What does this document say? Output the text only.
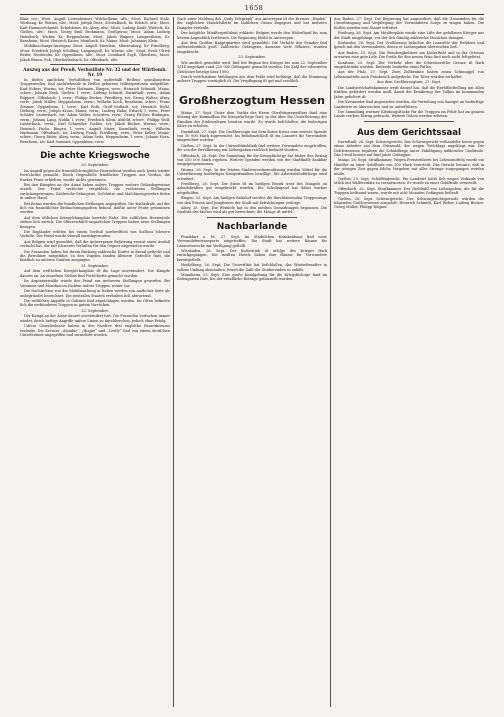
1658

Blau, cro.; Woot. Auguſt Löwenheimer, Wiſchelheim, uſw.; Moot. Richard Stolz, Worbung, Kr. Worms, uſw.; Moot. Joſeph Dietz, Schwalbach, Kr. Erbach, uſw.; Moot. Karl Hammerſchmidt, Eckelsheim, Kr. Alzey, uſw.; Moot. Ludwig Kraft, Wieſeck, Kr. Gießen, uſw.; Moot. Georg Emil Beckmann, Großgerau; Moot. Adam Ludwig Heimbach, Wicker, Kr. Heppenheim; Moot. Jakob Wagner, Lampertheim, Kr. Bensheim; Moot. Heinrich Kauer, Mombach, Kr. Mainz; Moot. Johannes Klein.

Mobilmachungs-Anzeigen: Moot. Auguſt Moerlein, Münzenberg, Kr. Friedberg; Moot. Friedrich Joſeph Schilling, Langengeiß, Kr. Worms, uſw.; Moot. Ernſt Ulrich Reder, Niederolm, Kr. Oppenheim, uſw.; Moot. Leonhard Zeyß, Oberſtreu; Moot. Jakob Braun, Eck, Oberhaſtenbach; Kr. Offenbach, uſw.

Auszug aus der Preuß. Verlustliste Nr. 32 und der Württemb. Nr. 19

In dieſen amtlichen Verluſtliſten von außerhalb Heſſens garniſonierten Truppenteilen, ſind nachſtehende in Heſſen geborene Militärperſonen aufgeführt: Karl Eckert, Worms, tot; Peter Hofmann, Bingen, verw.; Heinrich Schmidt, Mainz, schwv.; Johann Neeb, Gießen, l. verw.; Ludwig Schmitt, Darmſtadt, verm.; Adam Ruppert, Offenbach, l. verw.; Philipp Becker, Friedberg, tot; Georg Walter, Alzey, verw.; Jakob Müller, Heppenheim, verm.; Wilhelm Koch, Bensheim, schwv.; Franz Zimmer, Oppenheim, l. verw.; Karl Roth, Groß-Umſtadt, tot; Heinrich Diehl, Dieburg, verw.; Joſeph Kraus, Mainz, verm.; Ludwig Hahn, Erbach, l. verw.; Peter Schäfer, Lauterbach, tot; Adam Weber, Schotten, verw.; Georg Fiſcher, Büdingen, verm.; Johann Lang, Nidda, l. verw.; Friedrich Klein, Alsfeld, schwv.; Philipp Wolf, Lauterbach, verm.; Karl Schneider, Gießen, tot; Jakob Becker, Worms, verw.; Heinrich Fuchs, Bingen, l. verw.; Auguſt Maier, Darmſtadt, verm.; Wilhelm Hartmann, Offenbach, tot; Ludwig Frank, Friedberg, verw.; Peter Keller, Mainz, schwv.; Georg Ritter, Alzey, verm.; Adam Seitz, Heppenheim, l. verw.; Johann Horn, Bensheim, tot; Karl Sommer, Oppenheim, verw.

Die achte Kriegswoche
20. September.

Im Angriff gegen die franzöſiſch-engliſche Heeresfront wurden auch heute wieder Fortſchritte gemacht. Durch Gegenſtöße feindlicher Truppen aus Verdun, die ſtarkes Feuer erhielten, wurde nichts gewonnen.

Bei den Kämpfen an der Aisne haben unſere Truppen weitere Geländegewinne erzielt. Der Feind verſuchte vergeblich, die verlorenen Stellungen zurückzugewinnen. Zahlreiche Gefangene, Geſchütze und Maſchinengewehre fielen in unſere Hand.

Bei Reims wurden die feindlichen Stellungen angegriffen. Die Kathedrale, auf der ſich ein franzöſiſcher Beobachtungspoſten befand, mußte unter Feuer genommen werden.

Auf dem öſtlichen Kriegsſchauplatz herrſcht Ruhe. Die ruſſiſchen Heeresteile ziehen ſich zurück. Die öſterreichiſch-ungariſchen Truppen haben neue Stellungen bezogen.

Die Engländer erlitten bei einem Vorſtoß nordweſtlich von Soiſſons ſchwere Verluſte. Der Feind wurde überall zurückgeworfen.

Aus Belgien wird gemeldet, daß die Antwerpener Beſatzung erneut einen Ausfall verſucht hat, der mit ſchweren Verluſten für den Gegner abgewieſen wurde.

Die Franzoſen haben bei ihrem Rückzug zahlreiche Dörfer in Brand geſteckt und die Bewohner mitgeführt. In den Vogeſen fanden kleinere Gefechte ſtatt, die ſämtlich zu unſeren Gunſten ausgingen.

21. September.

Auf dem weſtlichen Kriegsſchauplatz iſt die Lage unverändert. Die Kämpfe dauern an. An einzelnen Stellen ſind Fortſchritte gemacht worden.

Im Argonnerwalde wurde der Feind aus mehreren Stellungen geworfen. Bei Varennes und Montfaucon rückten unſere Truppen weiter vor.

Die Nachrichten von der Mobilmachung in Italien werden von amtlicher Seite als unbegründet bezeichnet. Die neutralen Staaten verhalten ſich abwartend.

Die ruſſiſchen Angriffe in Galizien ſind abgeſchlagen worden. Im Oſten befinden ſich die verbündeten Truppen in gutem Vorrücken.

22. September.

Der Kampf an der Aisne dauert unverändert fort. Die Franzoſen verſuchen immer wieder, durch heftige Angriffe unſere Linien zu durchbrechen, jedoch ohne Erfolg.

Unſere Unterſeeboote haben in der Nordſee drei engliſche Panzerkreuzer verſenkt. Die Kreuzer „Aboukir“, „Hogue“ und „Creſſy“ ſind von einem deutſchen Unterſeeboot angegriffen und vernichtet worden.

Nach einer Meldung des „Daily Telegraph“ aus Antwerpen iſt der Kreuzer „Emden“ der engliſchen Handelsflotte im Indiſchen Ozean begegnet und hat mehrere Dampfer verſenkt.

Der belgiſche Miniſterpräſident erklärte, Belgien werde den Widerſtand bis zum letzten Augenblick fortſetzen. Die Regierung bleibt in Antwerpen.

Aus dem Großen Hauptquartier wird gemeldet: Die Verluſte des Feindes ſind außerordentlich groß. Zahlreiche Gefangene, darunter viele Offiziere, wurden eingebracht.

23. September.

Wie amtlich gemeldet wird, ſind ſeit Beginn des Krieges bis zum 22. September 1914 insgeſamt rund 220 000 Gefangene gemacht worden. Die Zahl der erbeuteten Geſchütze beträgt über 1000.

Durch verſchiedene Meldungen aus dem Felde wird beſtätigt, daß die Stimmung unſerer Truppen vorzüglich iſt. Die Verpflegung iſt gut und reichlich.

Großherzogtum Hessen

Mainz, 27. Sept. Unter dem Vorſitz des Herrn Oberbürgermeiſters fand eine Sitzung der Kommiſſion für Kriegsfürſorge ſtatt, in der über die Unterſtützung der Familien der Einberufenen beraten wurde. Es wurde beſchloſſen, die bisherigen Sätze zu erhöhen.

Darmſtadt, 27. Sept. Die Großherzogin hat dem Roten Kreuz eine weitere Spende von 10 000 Mark zugewendet. Im Reſidenzſchloß iſt ein Lazarett für Verwundete eingerichtet worden.

Gießen, 27. Sept. In der Univerſitätsklinik ſind weitere Verwundete eingetroffen, die von der Bevölkerung mit Liebesgaben reichlich bedacht wurden.

Offenbach, 26. Sept. Die Sammlung für die Kriegsfürſorge hat bisher den Betrag von 250 000 Mark ergeben. Weitere Spenden werden von der Stadtkaſſe dankbar entgegengenommen.

Worms, 26. Sept. In der letzten Stadtverordnetenſitzung wurden Mittel für die Unterſtützung bedürftiger Kriegerfamilien bewilligt. Die Arbeitsloſenfürſorge wird erweitert.

Friedberg, 26. Sept. Die Ernte iſt im hieſigen Bezirk trotz des Mangels an Arbeitskräften gut eingebracht worden. Die Schuljugend hat dabei wacker mitgeholfen.

Bingen, 25. Sept. Am hieſigen Bahnhof werden die durchfahrenden Truppenzüge von den Frauen und Jungfrauen der Stadt mit Erfriſchungen verſorgt.

Alzey, 25. Sept. Die Weinleſe hat in den meiſten Gemarkungen begonnen. Die Qualität des Moſtes wird als gut bezeichnet; die Menge iſt mittel.

Nachbarlande

Frankfurt a. M., 27. Sept. Im Städtiſchen Krankenhaus ſind neue Verwundetentransporte eingetroffen. Die Stadt hat weitere Räume für Lazarettzwecke zur Verfügung geſtellt.

Wiesbaden, 26. Sept. Der Kurbetrieb iſt infolge des Krieges ſtark zurückgegangen. Die meiſten Hotels haben ihre Räume für Verwundete bereitgeſtellt.

Heidelberg, 26. Sept. Die Univerſität hat beſchloſſen, das Winterſemeſter in vollem Umfang abzuhalten, ſoweit die Zahl der Studierenden es zuläßt.

Mannheim, 25. Sept. Eine große Kundgebung für die Kriegsfürſorge fand im Roſengarten ſtatt, bei der erhebliche Beträge geſammelt wurden.

Aus Baden, 27. Sept. Die Regierung hat angeordnet, daß die Gemeinden für die Unterbringung und Verpflegung der Verwundeten Sorge zu tragen haben. Die Koſten werden vom Staate erſtattet.

Freiburg, 26. Sept. Am Münſterplatz wurde eine Liſte der gefallenen Krieger aus der Stadt ausgehängt, vor der ſich ſtändig zahlreiche Menſchen drängen.

Karlsruhe, 26. Sept. Der Großherzog beſuchte die Lazarette der Reſidenz und ſprach mit den Verwundeten, denen er Liebesgaben überreichen ließ.

Aus Baden, 25. Sept. Die Weinbergbeſitzer am Kaiſerſtuhl und in der Ortenau erwarten eine gute Leſe. Die Preiſe für den neuen Wein ſind noch nicht feſtgeſetzt.

Konſtanz, 25. Sept. Der Verkehr über die ſchweizeriſche Grenze iſt ſtark eingeſchränkt worden. Reiſende bedürfen eines Paſſes.

Aus der Pfalz, 27. Sept. Zwei Zollbeamte haben einen Schmuggel von Lebensmitteln nach Frankreich aufgedeckt. Die Täter wurden verhaftet.

Aus dem Großherzogtum, 27. Sept.

Die Landwirtſchaftskammer weiſt darauf hin, daß die Herbſtbeſtellung mit allen Kräften gefördert werden muß, damit die Ernährung des Volkes im kommenden Jahre geſichert iſt.

Die Kreisämter ſind angewieſen worden, die Verteilung von Saatgut an bedürftige Landwirte zu überwachen und zu unterſtützen.

Die Sammlung warmer Kleidungsſtücke für die Truppen im Felde hat im ganzen Lande reichen Ertrag gebracht. Weitere Gaben werden erbeten.

Aus dem Gerichtssaal

Darmſtadt, 26. Sept. Schwurgericht. Das Schwurgericht verhandelte heute gegen einen Arbeiter aus dem Odenwald, der wegen Totſchlags angeklagt war. Die Geſchworenen bejahten die Schuldfrage unter Zubilligung mildernder Umſtände. Das Urteil lautete auf fünf Jahre Gefängnis.

Mainz, 26. Sept. Strafkammer. Wegen Preistreiberei bei Lebensmitteln wurde ein Händler zu einer Geldſtrafe von 300 Mark verurteilt. Das Gericht betonte, daß in der jetzigen Zeit gegen ſolche Vergehen mit aller Strenge vorgegangen werden müſſe.

Gießen, 25. Sept. Schöffengericht. Ein Landwirt hatte ſich wegen Verkaufs von Milch mit Waſſerzuſatz zu verantworten. Er wurde zu einer Geldſtrafe verurteilt.

Offenbach, 25. Sept. Strafkammer. Der Diebſtahl von Liebesgaben, die für die Truppen beſtimmt waren, wurde mit acht Monaten Gefängnis beſtraft.

Gießen, 26. Sept. Schwurgericht. Der Schwurgerichtsperiode wurden die folgenden Geſchworenen ausgeloſt: Heinrich Schmidt, Karl Weber, Ludwig Becker, Georg Müller, Philipp Wagner.
